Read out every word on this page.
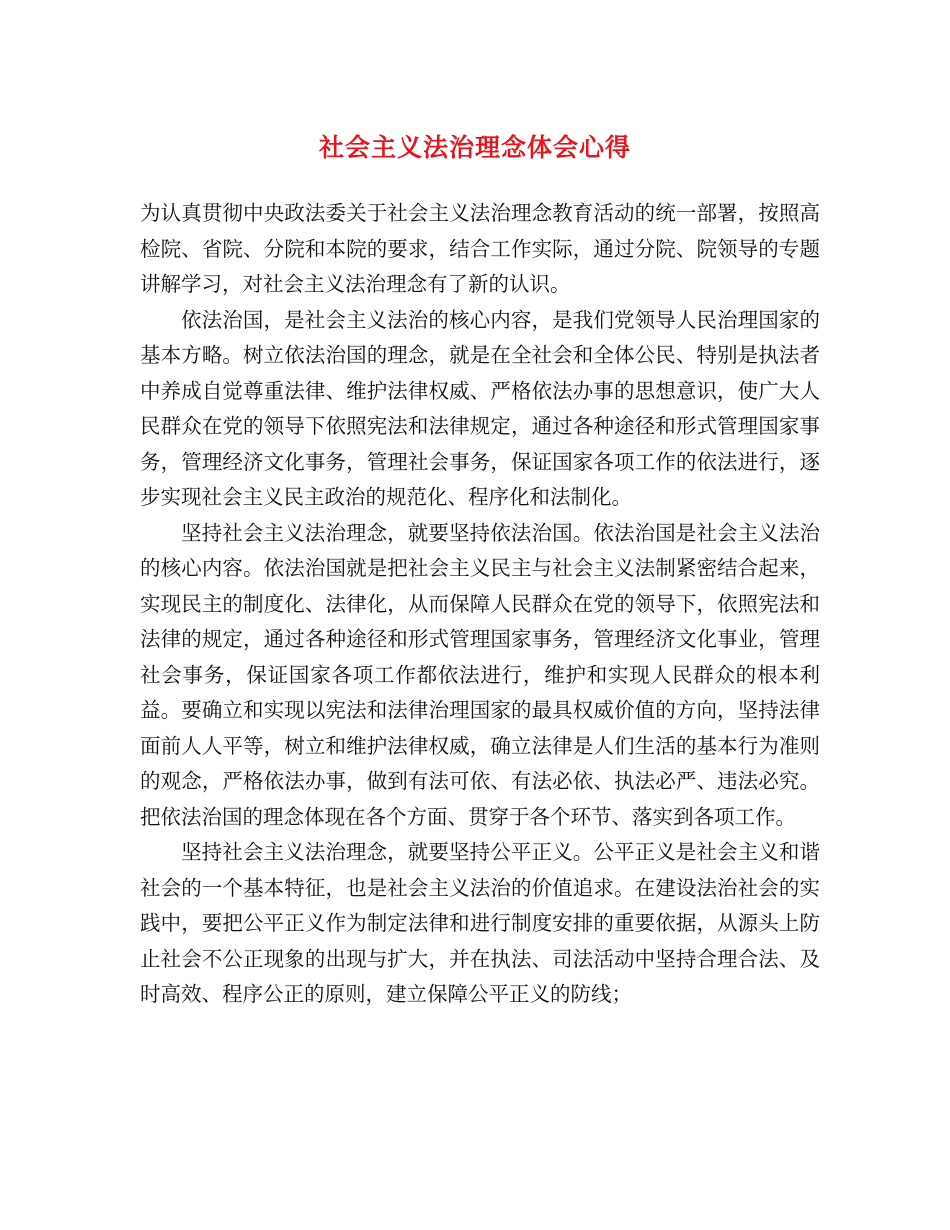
社会主义法治理念体会心得

为认真贯彻中央政法委关于社会主义法治理念教育活动的统一部署，按照高检院、省院、分院和本院的要求，结合工作实际，通过分院、院领导的专题讲解学习，对社会主义法治理念有了新的认识。

依法治国，是社会主义法治的核心内容，是我们党领导人民治理国家的基本方略。树立依法治国的理念，就是在全社会和全体公民、特别是执法者中养成自觉尊重法律、维护法律权威、严格依法办事的思想意识，使广大人民群众在党的领导下依照宪法和法律规定，通过各种途径和形式管理国家事务，管理经济文化事务，管理社会事务，保证国家各项工作的依法进行，逐步实现社会主义民主政治的规范化、程序化和法制化。

坚持社会主义法治理念，就要坚持依法治国。依法治国是社会主义法治的核心内容。依法治国就是把社会主义民主与社会主义法制紧密结合起来，实现民主的制度化、法律化，从而保障人民群众在党的领导下，依照宪法和法律的规定，通过各种途径和形式管理国家事务，管理经济文化事业，管理社会事务，保证国家各项工作都依法进行，维护和实现人民群众的根本利益。要确立和实现以宪法和法律治理国家的最具权威价值的方向，坚持法律面前人人平等，树立和维护法律权威，确立法律是人们生活的基本行为准则的观念，严格依法办事，做到有法可依、有法必依、执法必严、违法必究。把依法治国的理念体现在各个方面、贯穿于各个环节、落实到各项工作。

坚持社会主义法治理念，就要坚持公平正义。公平正义是社会主义和谐社会的一个基本特征，也是社会主义法治的价值追求。在建设法治社会的实践中，要把公平正义作为制定法律和进行制度安排的重要依据，从源头上防止社会不公正现象的出现与扩大，并在执法、司法活动中坚持合理合法、及时高效、程序公正的原则，建立保障公平正义的防线；
